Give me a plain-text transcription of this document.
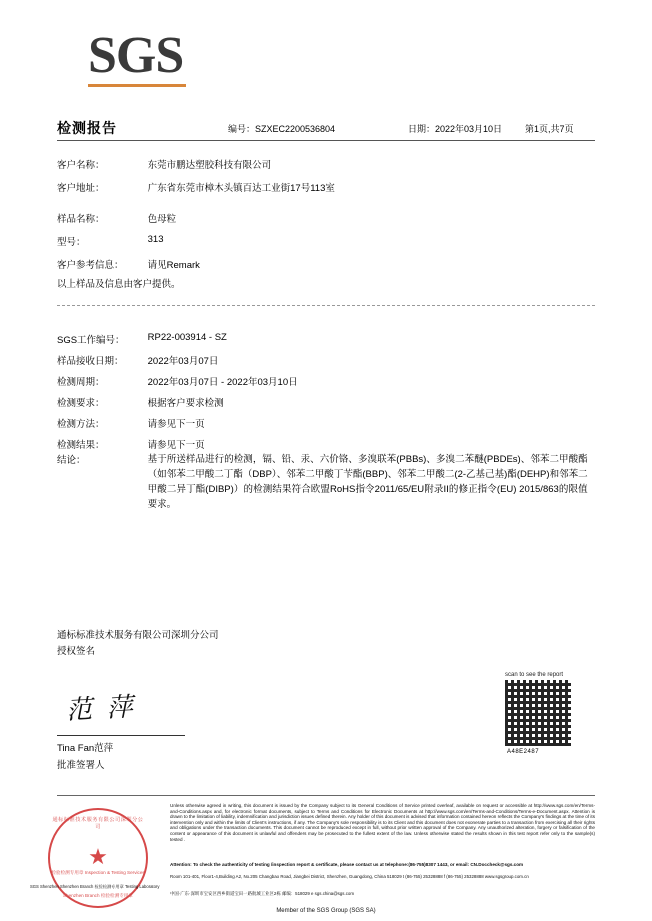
SGS
检测报告	编号：SZXEC2200536804	日期：2022年03月10日	第1页,共7页
客户名称：	东莞市鹏达塑胶科技有限公司
客户地址：	广东省东莞市樟木头镇百达工业街17号113室
样品名称：	色母粒
型号：	313
客户参考信息：	请见Remark
以上样品及信息由客户提供。
SGS工作编号： RP22-003914 - SZ
样品接收日期：	2022年03月07日
检测周期：	2022年03月07日 - 2022年03月10日
检测要求：	根据客户要求检测
检测方法：	请参见下一页
检测结果：	请参见下一页
结论：	基于所送样品进行的检测，镉、铅、汞、六价铬、多溴联苯(PBBs)、多溴二苯醚(PBDEs)、邻苯二甲酸酯（如邻苯二甲酸二丁酯（DBP）、邻苯二甲酸丁苄酯(BBP)、邻苯二甲酸二(2-乙基己基)酯(DEHP)和邻苯二甲酸二异丁酯(DIBP)）的检测结果符合欧盟RoHS指令2011/65/EU附录II的修正指令(EU) 2015/863的限值要求。
通标标准技术服务有限公司深圳分公司
授权签名
范 萍
Tina Fan范萍
批准签署人
scan to see the report
A48E2487
Unless otherwise agreed in writing, this document is issued by the Company subject to its General Conditions of Service printed overleaf, available on request or accessible at http://www.sgs.com/en/Terms-and-Conditions.aspx and, for electronic format documents, subject to Terms and Conditions for Electronic Documents at http://www.sgs.com/en/Terms-and-Conditions/Terms-e-Document.aspx. Attention is drawn to the limitation of liability, indemnification and jurisdiction issues defined therein. Any holder of this document is advised that information contained hereon reflects the Company's findings at the time of its intervention only and within the limits of Client's instructions, if any. The Company's sole responsibility is to its Client and this document does not exonerate parties to a transaction from exercising all their rights and obligations under the transaction documents. This document cannot be reproduced except in full, without prior written approval of the Company. Any unauthorized alteration, forgery or falsification of the content or appearance of this document is unlawful and offenders may be prosecuted to the fullest extent of the law. Unless otherwise stated the results shown in this test report refer only to the sample(s) tested .
Attention: To check the authenticity of testing /inspection report & certificate, please contact us at telephone:(86-755)8307 1443, or email: CN.Doccheck@sgs.com
Room 101-401, Floor1-4,Building A2, No.205 Changbao Road, Jiangbei District, Shenzhen, Guangdong, China 518029 t (86-755) 25328888 f (86-755) 25328888 www.sgsgroup.com.cn
中国·广东·深圳市宝安区西乡街道宝田一路航城工业区2栋 邮编：518029 e sgs.china@sgs.com
Member of the SGS Group (SGS SA)
通标标准技术服务有限公司深圳分公司
★
检验检测专用章 Inspection & Testing Services
Shenzhen Branch 检验检测专用章
SGS Shenzhen Shenzhen Branch 检验检测专用章 Testing Laboratory
